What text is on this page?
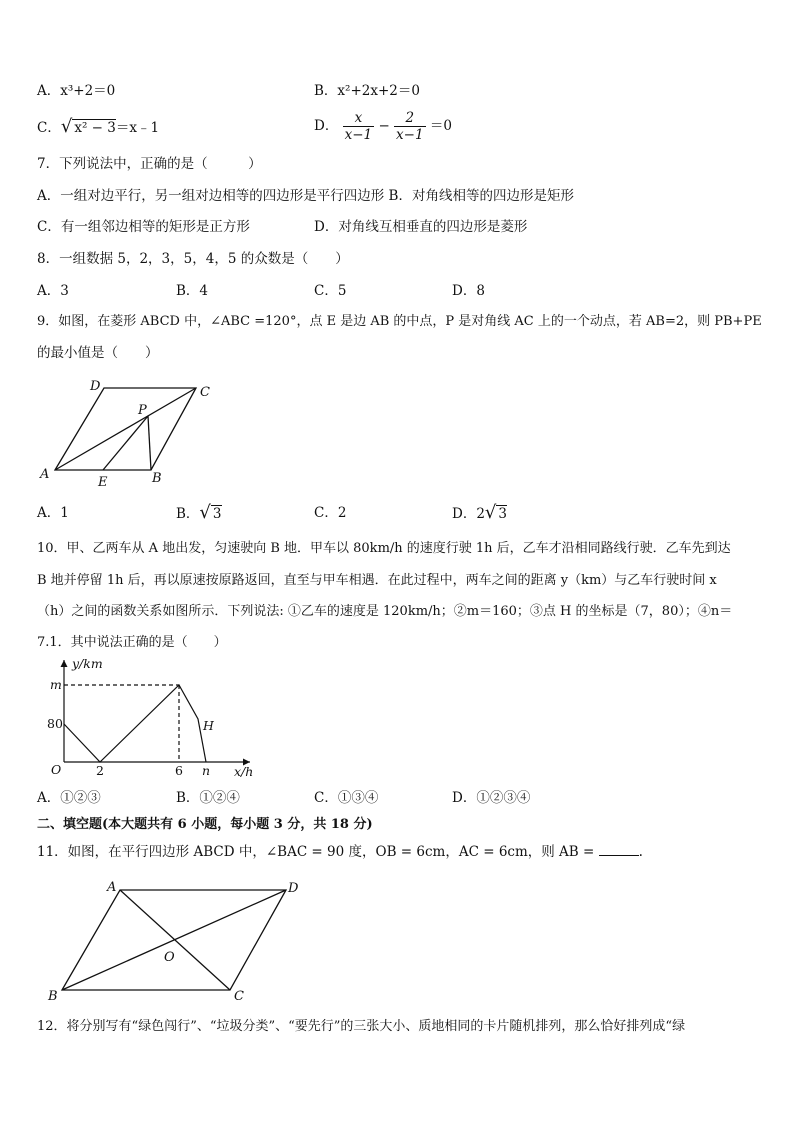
A．x³+2＝0	B．x²+2x+2＝0
C．√ x² − 3＝x﹣1	D． $\frac{x}{x-1} - \frac{2}{x-1} =0$
7．下列说法中，正确的是（　　　）
A．一组对边平行，另一组对边相等的四边形是平行四边形 B．对角线相等的四边形是矩形
C．有一组邻边相等的矩形是正方形	D．对角线互相垂直的四边形是菱形
8．一组数据 5，2，3，5，4，5 的众数是（　　）
A．3	B．4	C．5	D．8
9．如图，在菱形 ABCD 中，∠ABC =120°，点 E 是边 AB 的中点，P 是对角线 AC 上的一个动点，若 AB=2，则 PB+PE
的最小值是（　　）
A	B
C
D
E
P
A．1	B．√ 3	C．2	D．2√ 3
10．甲、乙两车从 A 地出发，匀速驶向 B 地．甲车以 80km/h 的速度行驶 1h 后，乙车才沿相同路线行驶．乙车先到达
B 地并停留 1h 后，再以原速按原路返回，直至与甲车相遇．在此过程中，两车之间的距离 y（km）与乙车行驶时间 x
（h）之间的函数关系如图所示．下列说法: ①乙车的速度是 120km/h；②m＝160；③点 H 的坐标是（7，80）；④n＝
7.1．其中说法正确的是（　　）
y/km
x/h
m
80
O	2	6 n
H
A．①②③	B．①②④	C．①③④	D．①②③④
二、填空题(本大题共有 6 小题，每小题 3 分，共 18 分)
11．如图，在平行四边形 ABCD 中，∠BAC = 90 度，OB = 6cm，AC = 6cm，则 AB =	.
A
B	C
D
O
12．将分别写有“绿色闯行”、“垃圾分类”、“要先行”的三张大小、质地相同的卡片随机排列，那么恰好排列成“绿
